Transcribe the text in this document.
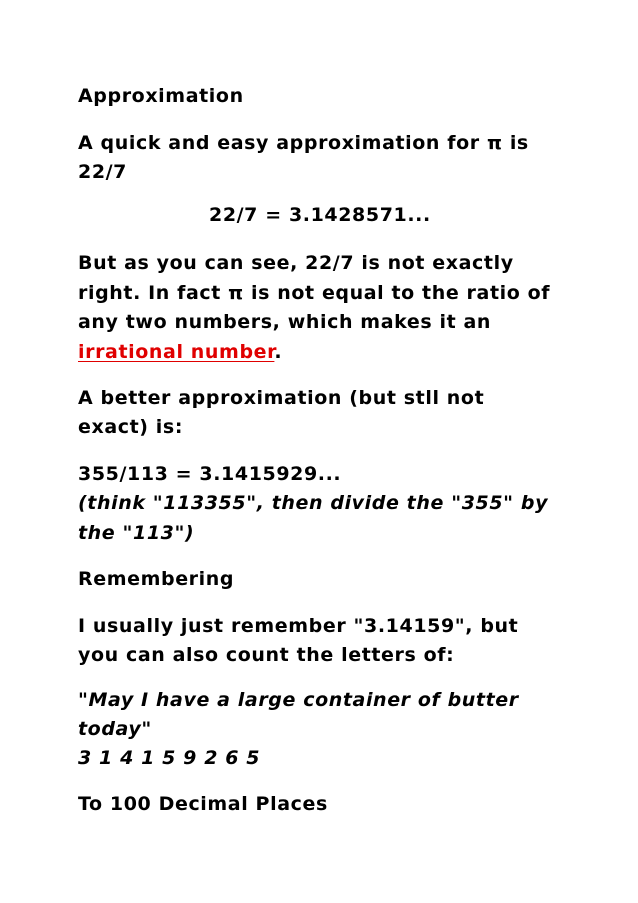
Approximation
A quick and easy approximation for π is
22/7
22/7 = 3.1428571...
But as you can see, 22/7 is not exactly
right. In fact π is not equal to the ratio of
any two numbers, which makes it an
irrational number.
A better approximation (but stll not
exact) is:
355/113 = 3.1415929...
(think "113355", then divide the "355" by
the "113")
Remembering
I usually just remember "3.14159", but
you can also count the letters of:
"May I have a large container of butter
today"
3 1 4 1 5 9 2 6 5
To 100 Decimal Places
